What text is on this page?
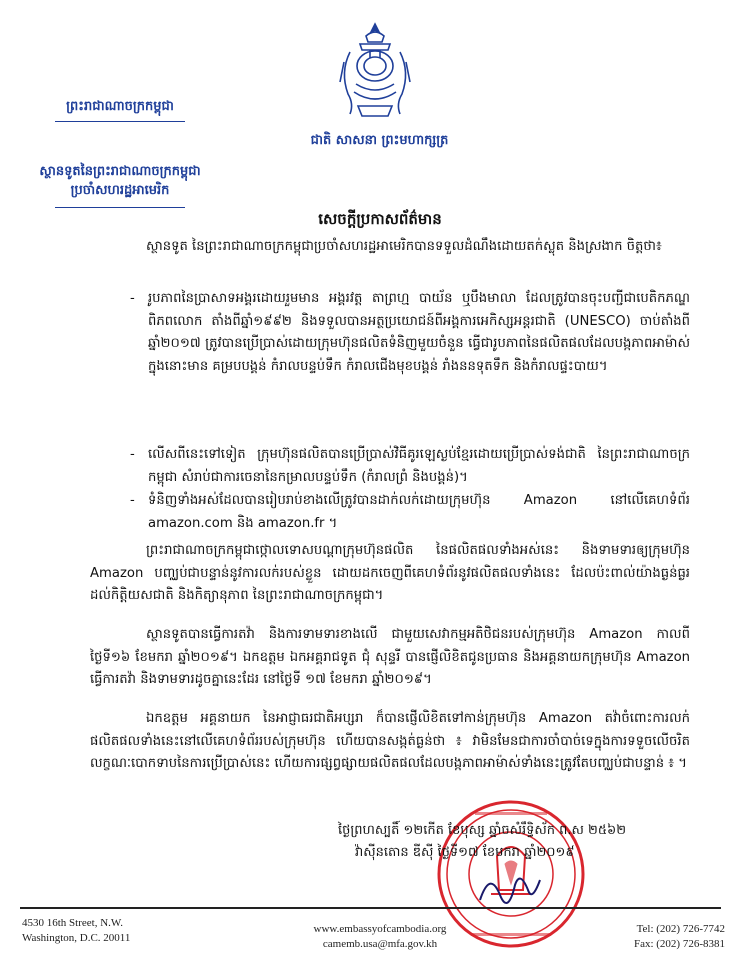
ព្រះរាជាណាចក្រកម្ពុជា
ស្ថានទូតនៃព្រះរាជាណាចក្រកម្ពុជា
ប្រចាំសហរដ្ឋអាមេរិក
ជាតិ សាសនា ព្រះមហាក្សត្រ
សេចក្តីប្រកាសព័ត៌មាន
ស្ថានទូត នៃព្រះរាជាណាចក្រកម្ពុជាប្រចាំសហរដ្ឋអាមេរិកបានទទួលដំណឹងដោយតក់ស្លុត និងស្រងាក ចិត្តថា៖
- រូបភាពនៃប្រាសាទអង្គរដោយរួមមាន អង្គរវត្ត តាព្រហ្ម បាយ័ន ឬបឹងមាលា ដែលត្រូវបានចុះបញ្ជីជាបេតិកភណ្ឌពិភពលោក តាំងពីឆ្នាំ១៩៩២ និងទទួលបានអត្ថប្រយោជន៍ពីអង្គការអេកិស្សអន្តរជាតិ (UNESCO) ចាប់តាំងពីឆ្នាំ២០១៧ ត្រូវបានប្រើប្រាស់ដោយក្រុមហ៊ុនផលិតទំនិញមួយចំនួន ធ្វើជារូបភាពនៃផលិតផលដែលបង្កភាពអាម៉ាស់ ក្នុងនោះមាន គម្របបង្គន់ កំរាលបន្ទប់ទឹក កំរាលជើងមុខបង្គន់ រាំងននទុតទឹក និងកំរាលផ្ទះបាយ។
- លើសពីនេះទៅទៀត ក្រុមហ៊ុនផលិតបានប្រើប្រាស់វិធីគូរឡេស្ងប់ខ្មែរដោយប្រើប្រាស់ទង់ជាតិ នៃព្រះរាជាណាចក្រកម្ពុជា សំរាប់ជាការចេនានៃកម្រាលបន្ទប់ទឹក (កំរាលព្រំ និងបង្គន់)។
- ទំនិញទាំងអស់ដែលបានរៀបរាប់ខាងលើត្រូវបានដាក់លក់ដោយក្រុមហ៊ុន Amazon នៅលើគេហទំព័រ amazon.com និង amazon.fr ។
ព្រះរាជាណាចក្រកម្ពុជាថ្កោលទោសបណ្តាក្រុមហ៊ុនផលិត នៃផលិតផលទាំងអស់នេះ និងទាមទារឲ្យក្រុមហ៊ុន Amazon បញ្ឈប់ជាបន្ទាន់នូវការលក់របស់ខ្លួន ដោយដកចេញពីគេហទំព័រនូវផលិតផលទាំងនេះ ដែលប៉ះពាល់យ៉ាងធ្ងន់ធ្ងរដល់កិត្តិយសជាតិ និងកិត្យានុភាព នៃព្រះរាជាណាចក្រកម្ពុជា។
ស្ថានទូតបានធ្វើការតវ៉ា និងការទាមទារខាងលើ ជាមួយសេវាកម្មអតិថិជនរបស់ក្រុមហ៊ុន Amazon កាលពីថ្ងៃទី១៦ ខែមករា ឆ្នាំ២០១៩។ ឯកឧត្តម ឯកអគ្គរាជទូត ជុំ សុន្ទរី បានផ្ញើលិខិតជូនប្រធាន និងអគ្គនាយកក្រុមហ៊ុន Amazon ធ្វើការតវ៉ា និងទាមទារដូចគ្នានេះដែរ នៅថ្ងៃទី ១៧ ខែមករា ឆ្នាំ២០១៩។
ឯកឧត្តម អគ្គនាយក នៃអាជ្ញាធរជាតិអប្សរា ក៏បានផ្ញើលិខិតទៅកាន់ក្រុមហ៊ុន Amazon តវ៉ាចំពោះការលក់ផលិតផលទាំងនេះនៅលើគេហទំព័ររបស់ក្រុមហ៊ុន ហើយបានសង្កត់ធ្ងន់ថា ៖ វាមិនមែនជាការចាំបាច់ទេក្នុងការទទួចលើចរិតលក្ខណៈបោកទាបនៃការប្រើប្រាស់នេះ ហើយការផ្សព្វផ្សាយផលិតផលដែលបង្កភាពអាម៉ាស់ទាំងនេះត្រូវតែបញ្ឈប់ជាបន្ទាន់ ៖ ។
ថ្ងៃព្រហស្បតិ៍ ១២កើត ខែបុស្ស ឆ្នាំចសំរឹទ្ធិស័ក ព.ស ២៥៦២
វ៉ាស៊ីនតោន ឌីស៊ី ថ្ងៃទី១៧ ខែមករា ឆ្នាំ២០១៩
4530 16th Street, N.W.
Washington, D.C. 20011
www.embassyofcambodia.org
camemb.usa@mfa.gov.kh
Tel: (202) 726-7742
Fax: (202) 726-8381
